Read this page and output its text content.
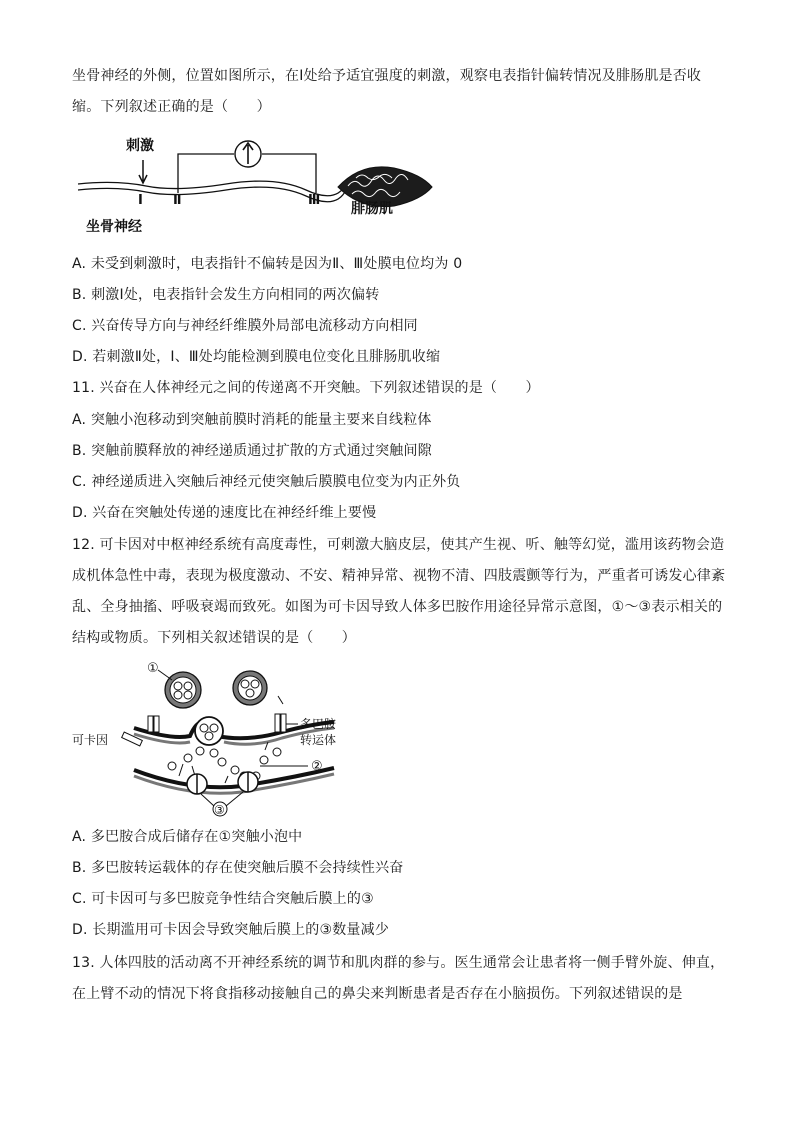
坐骨神经的外侧，位置如图所示，在Ⅰ处给予适宜强度的刺激，观察电表指针偏转情况及腓肠肌是否收
缩。下列叙述正确的是（　　）
刺激
Ⅰ Ⅱ	Ⅲ
坐骨神经
腓肠肌
A. 未受到刺激时，电表指针不偏转是因为Ⅱ、Ⅲ处膜电位均为 0
B. 刺激Ⅰ处，电表指针会发生方向相同的两次偏转
C. 兴奋传导方向与神经纤维膜外局部电流移动方向相同
D. 若刺激Ⅱ处，Ⅰ、Ⅲ处均能检测到膜电位变化且腓肠肌收缩
11. 兴奋在人体神经元之间的传递离不开突触。下列叙述错误的是（　　）
A. 突触小泡移动到突触前膜时消耗的能量主要来自线粒体
B. 突触前膜释放的神经递质通过扩散的方式通过突触间隙
C. 神经递质进入突触后神经元使突触后膜膜电位变为内正外负
D. 兴奋在突触处传递的速度比在神经纤维上要慢
12. 可卡因对中枢神经系统有高度毒性，可刺激大脑皮层，使其产生视、听、触等幻觉，滥用该药物会造
成机体急性中毒，表现为极度激动、不安、精神异常、视物不清、四肢震颤等行为，严重者可诱发心律紊
乱、全身抽搐、呼吸衰竭而致死。如图为可卡因导致人体多巴胺作用途径异常示意图，①～③表示相关的
结构或物质。下列相关叙述错误的是（　　）
①
可卡因
③
②
多巴胺
转运体
A. 多巴胺合成后储存在①突触小泡中
B. 多巴胺转运载体的存在使突触后膜不会持续性兴奋
C. 可卡因可与多巴胺竞争性结合突触后膜上的③
D. 长期滥用可卡因会导致突触后膜上的③数量减少
13. 人体四肢的活动离不开神经系统的调节和肌肉群的参与。医生通常会让患者将一侧手臂外旋、伸直，
在上臂不动的情况下将食指移动接触自己的鼻尖来判断患者是否存在小脑损伤。下列叙述错误的是
